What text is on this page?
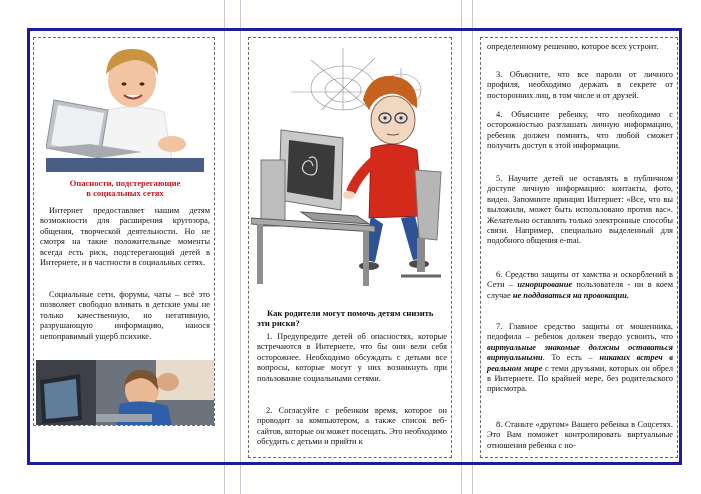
Опасности, подстерегающие
в социальных сетях

Интернет предоставляет нашим детям возможности для расширения кругозора, общения, творческой деятельности. Но не смотря на такие положительные моменты всегда есть риск, подстерегающий детей в Интернете, и в частности в социальных сетях.

Социальные сети, форумы, чаты – всё это позволяет свободно вливать в детские умы не только качественную, но негативную, разрушающую информацию, нанося непоправимый ущерб психике.

Как родители могут помочь детям снизить эти риски?

1. Предупредите детей об опасностях, которые встречаются в Интернете, что бы они вели себя осторожнее. Необходимо обсуждать с детьми все вопросы, которые могут у них возникнуть при пользование социальными сетями.

2. Согласуйте с ребенком время, которое он проводит за компьютером, а также список веб-сайтов, которые он может посещать. Это необходимо обсудить с детьми и прийти к

определенному решению, которое всех устроит.

3. Объясните, что все пароли от личного профиля, необходимо держать в секрете от посторонних лиц, в том числе и от друзей.

4. Объясните ребенку, что необходимо с осторожностью разглашать личную информацию, ребенок должен помнить, что любой сможет получить доступ к этой информации.

5. Научите детей не оставлять в публичном доступе личную информацию: контакты, фото, видео. Запомните принцип Интернет: «Все, что вы выложили, может быть использовано против вас». Желательно оставлять только электронные способы связи. Например, специально выделенный для подобного общения e-mai.

6. Средство защиты от хамства и оскорблений в Сети – игнорирование пользователя - ни в коем случае не поддаваться на провокации.

7. Главное средство защиты от мошенника, педофила – ребенок должен твердо усвоить, что виртуальные знакомые должны оставаться виртуальными. То есть – никаких встреч в реальном мире с теми друзьями, которых он обрел в Интернете. По крайней мере, без родительского присмотра.

8. Станьте «другом» Вашего ребенка в Соцсетях. Это Вам поможет контролировать виртуальные отношения ребенка с но-
